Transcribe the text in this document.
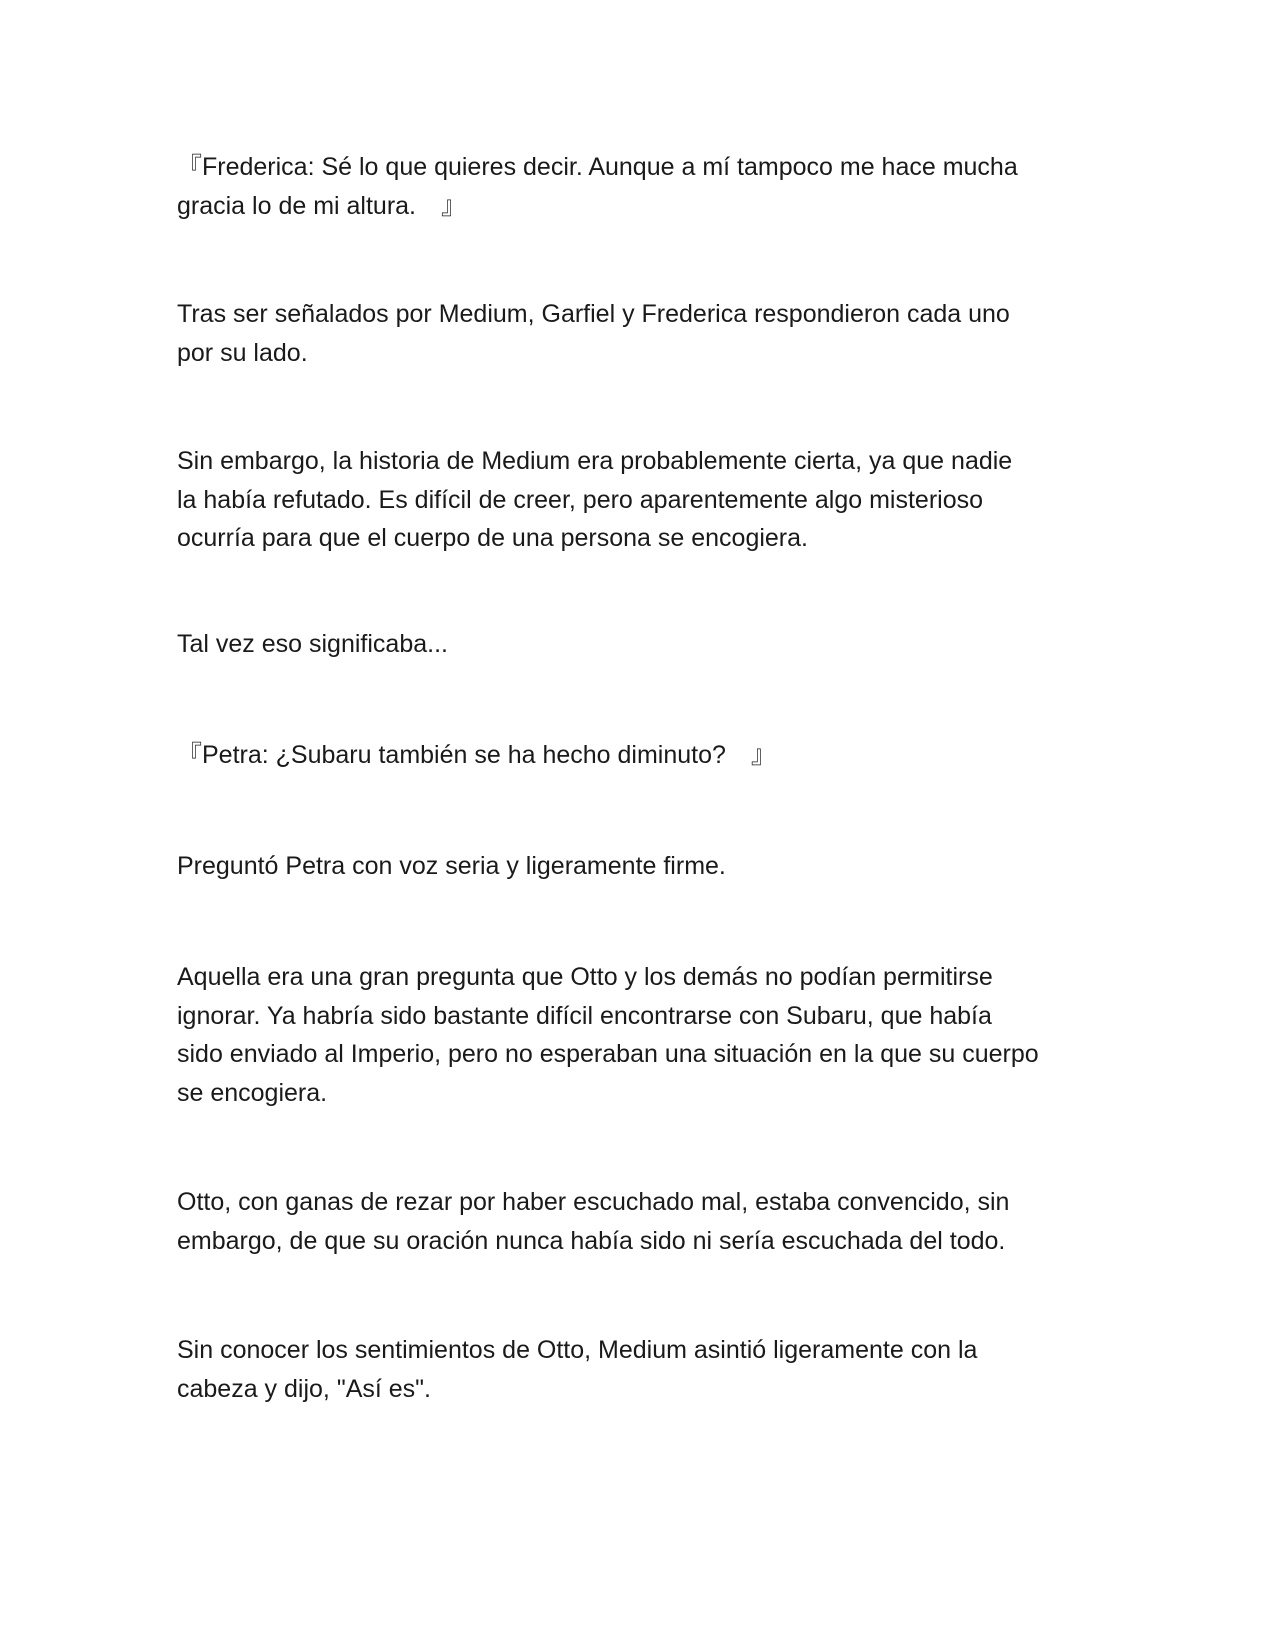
『Frederica: Sé lo que quieres decir. Aunque a mí tampoco me hace mucha
gracia lo de mi altura.　』

Tras ser señalados por Medium, Garfiel y Frederica respondieron cada uno
por su lado.

Sin embargo, la historia de Medium era probablemente cierta, ya que nadie
la había refutado. Es difícil de creer, pero aparentemente algo misterioso
ocurría para que el cuerpo de una persona se encogiera.

Tal vez eso significaba...

『Petra: ¿Subaru también se ha hecho diminuto?　』

Preguntó Petra con voz seria y ligeramente firme.

Aquella era una gran pregunta que Otto y los demás no podían permitirse
ignorar. Ya habría sido bastante difícil encontrarse con Subaru, que había
sido enviado al Imperio, pero no esperaban una situación en la que su cuerpo
se encogiera.

Otto, con ganas de rezar por haber escuchado mal, estaba convencido, sin
embargo, de que su oración nunca había sido ni sería escuchada del todo.

Sin conocer los sentimientos de Otto, Medium asintió ligeramente con la
cabeza y dijo, "Así es".
